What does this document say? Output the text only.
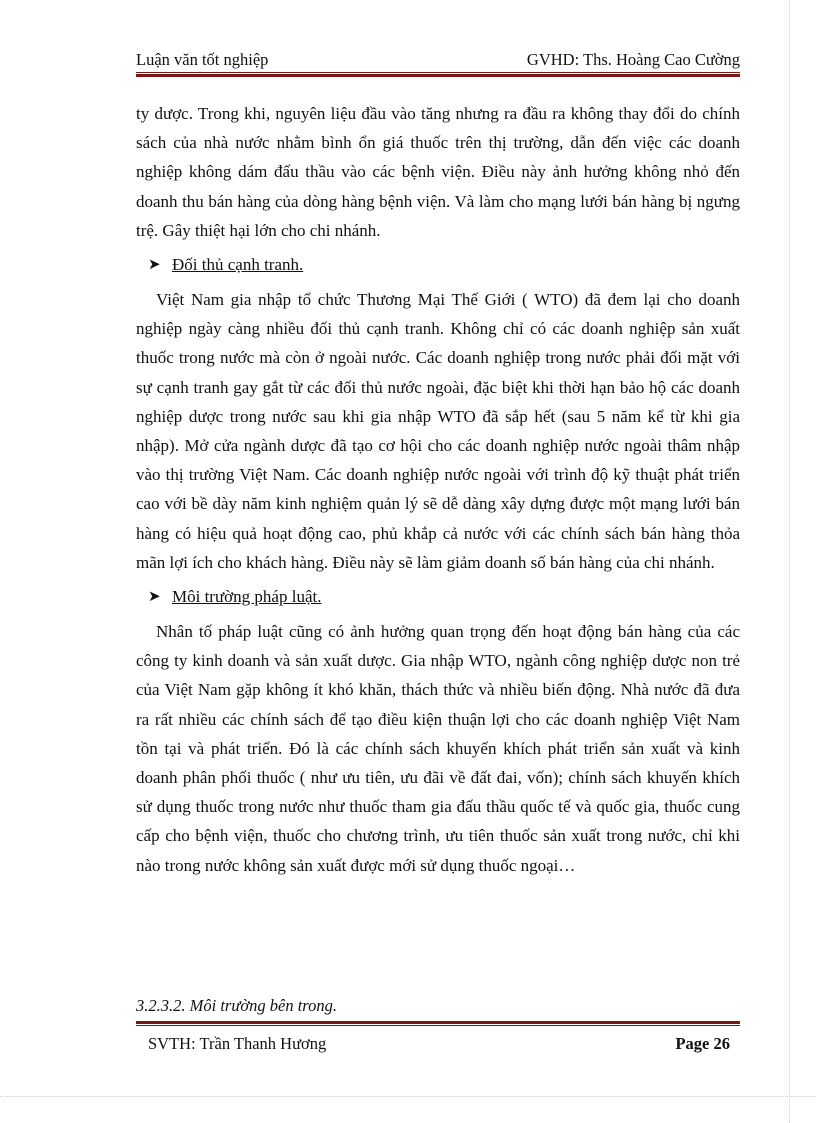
Luận văn tốt nghiệp	GVHD: Ths. Hoàng Cao Cường

ty dược. Trong khi, nguyên liệu đầu vào tăng nhưng ra đầu ra không thay đổi do chính sách của nhà nước nhằm bình ổn giá thuốc trên thị trường, dẫn đến việc các doanh nghiệp không dám đấu thầu vào các bệnh viện. Điều này ảnh hưởng không nhỏ đến doanh thu bán hàng của dòng hàng bệnh viện. Và làm cho mạng lưới bán hàng bị ngưng trệ. Gây thiệt hại lớn cho chi nhánh.

➤ Đối thủ cạnh tranh.

Việt Nam gia nhập tổ chức Thương Mại Thế Giới ( WTO) đã đem lại cho doanh nghiệp ngày càng nhiều đối thủ cạnh tranh. Không chỉ có các doanh nghiệp sản xuất thuốc trong nước mà còn ở ngoài nước. Các doanh nghiệp trong nước phải đối mặt với sự cạnh tranh gay gắt từ các đối thủ nước ngoài, đặc biệt khi thời hạn bảo hộ các doanh nghiệp dược trong nước sau khi gia nhập WTO đã sắp hết (sau 5 năm kể từ khi gia nhập). Mở cửa ngành dược đã tạo cơ hội cho các doanh nghiệp nước ngoài thâm nhập vào thị trường Việt Nam. Các doanh nghiệp nước ngoài với trình độ kỹ thuật phát triển cao với bề dày năm kinh nghiệm quản lý sẽ dễ dàng xây dựng được một mạng lưới bán hàng có hiệu quả hoạt động cao, phủ khắp cả nước với các chính sách bán hàng thỏa mãn lợi ích cho khách hàng. Điều này sẽ làm giảm doanh số bán hàng của chi nhánh.

➤ Môi trường pháp luật.

Nhân tố pháp luật cũng có ảnh hưởng quan trọng đến hoạt động bán hàng của các công ty kinh doanh và sản xuất dược. Gia nhập WTO, ngành công nghiệp dược non trẻ của Việt Nam gặp không ít khó khăn, thách thức và nhiều biến động. Nhà nước đã đưa ra rất nhiều các chính sách để tạo điều kiện thuận lợi cho các doanh nghiệp Việt Nam tồn tại và phát triển. Đó là các chính sách khuyến khích phát triển sản xuất và kinh doanh phân phối thuốc ( như ưu tiên, ưu đãi về đất đai, vốn); chính sách khuyến khích sử dụng thuốc trong nước như thuốc tham gia đấu thầu quốc tế và quốc gia, thuốc cung cấp cho bệnh viện, thuốc cho chương trình, ưu tiên thuốc sản xuất trong nước, chỉ khi nào trong nước không sản xuất được mới sử dụng thuốc ngoại…

3.2.3.2. Môi trường bên trong.
SVTH: Trần Thanh Hương	Page 26
